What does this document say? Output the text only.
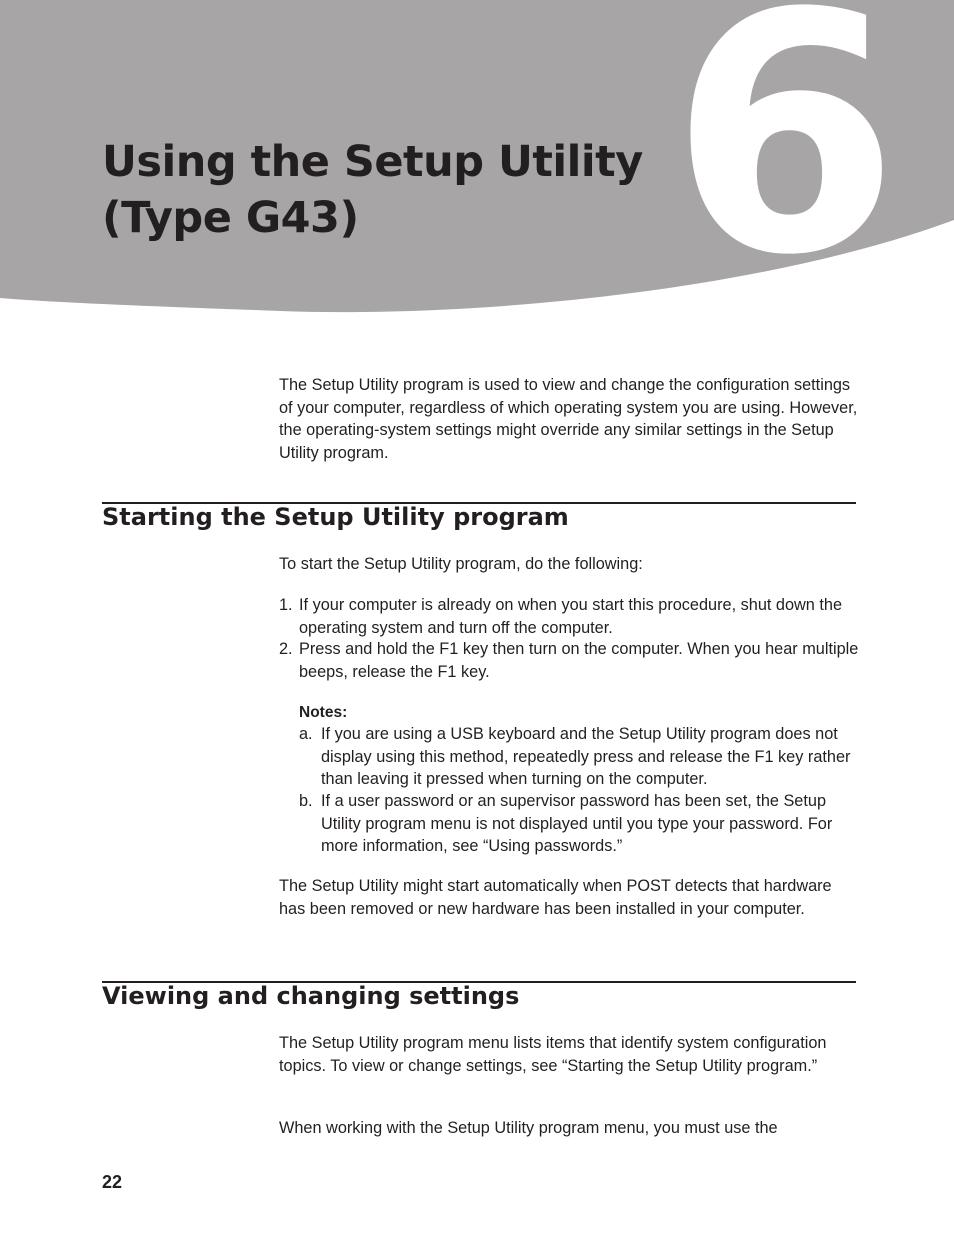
6
Using the Setup Utility
(Type G43)

The Setup Utility program is used to view and change the configuration settings of your computer, regardless of which operating system you are using. However, the operating-system settings might override any similar settings in the Setup Utility program.

Starting the Setup Utility program

To start the Setup Utility program, do the following:

1. If your computer is already on when you start this procedure, shut down the operating system and turn off the computer.
2. Press and hold the F1 key then turn on the computer. When you hear multiple beeps, release the F1 key.

Notes:

a. If you are using a USB keyboard and the Setup Utility program does not display using this method, repeatedly press and release the F1 key rather than leaving it pressed when turning on the computer.
b. If a user password or an supervisor password has been set, the Setup Utility program menu is not displayed until you type your password. For more information, see “Using passwords.”

The Setup Utility might start automatically when POST detects that hardware has been removed or new hardware has been installed in your computer.

Viewing and changing settings

The Setup Utility program menu lists items that identify system configuration topics. To view or change settings, see “Starting the Setup Utility program.”

When working with the Setup Utility program menu, you must use the

22
